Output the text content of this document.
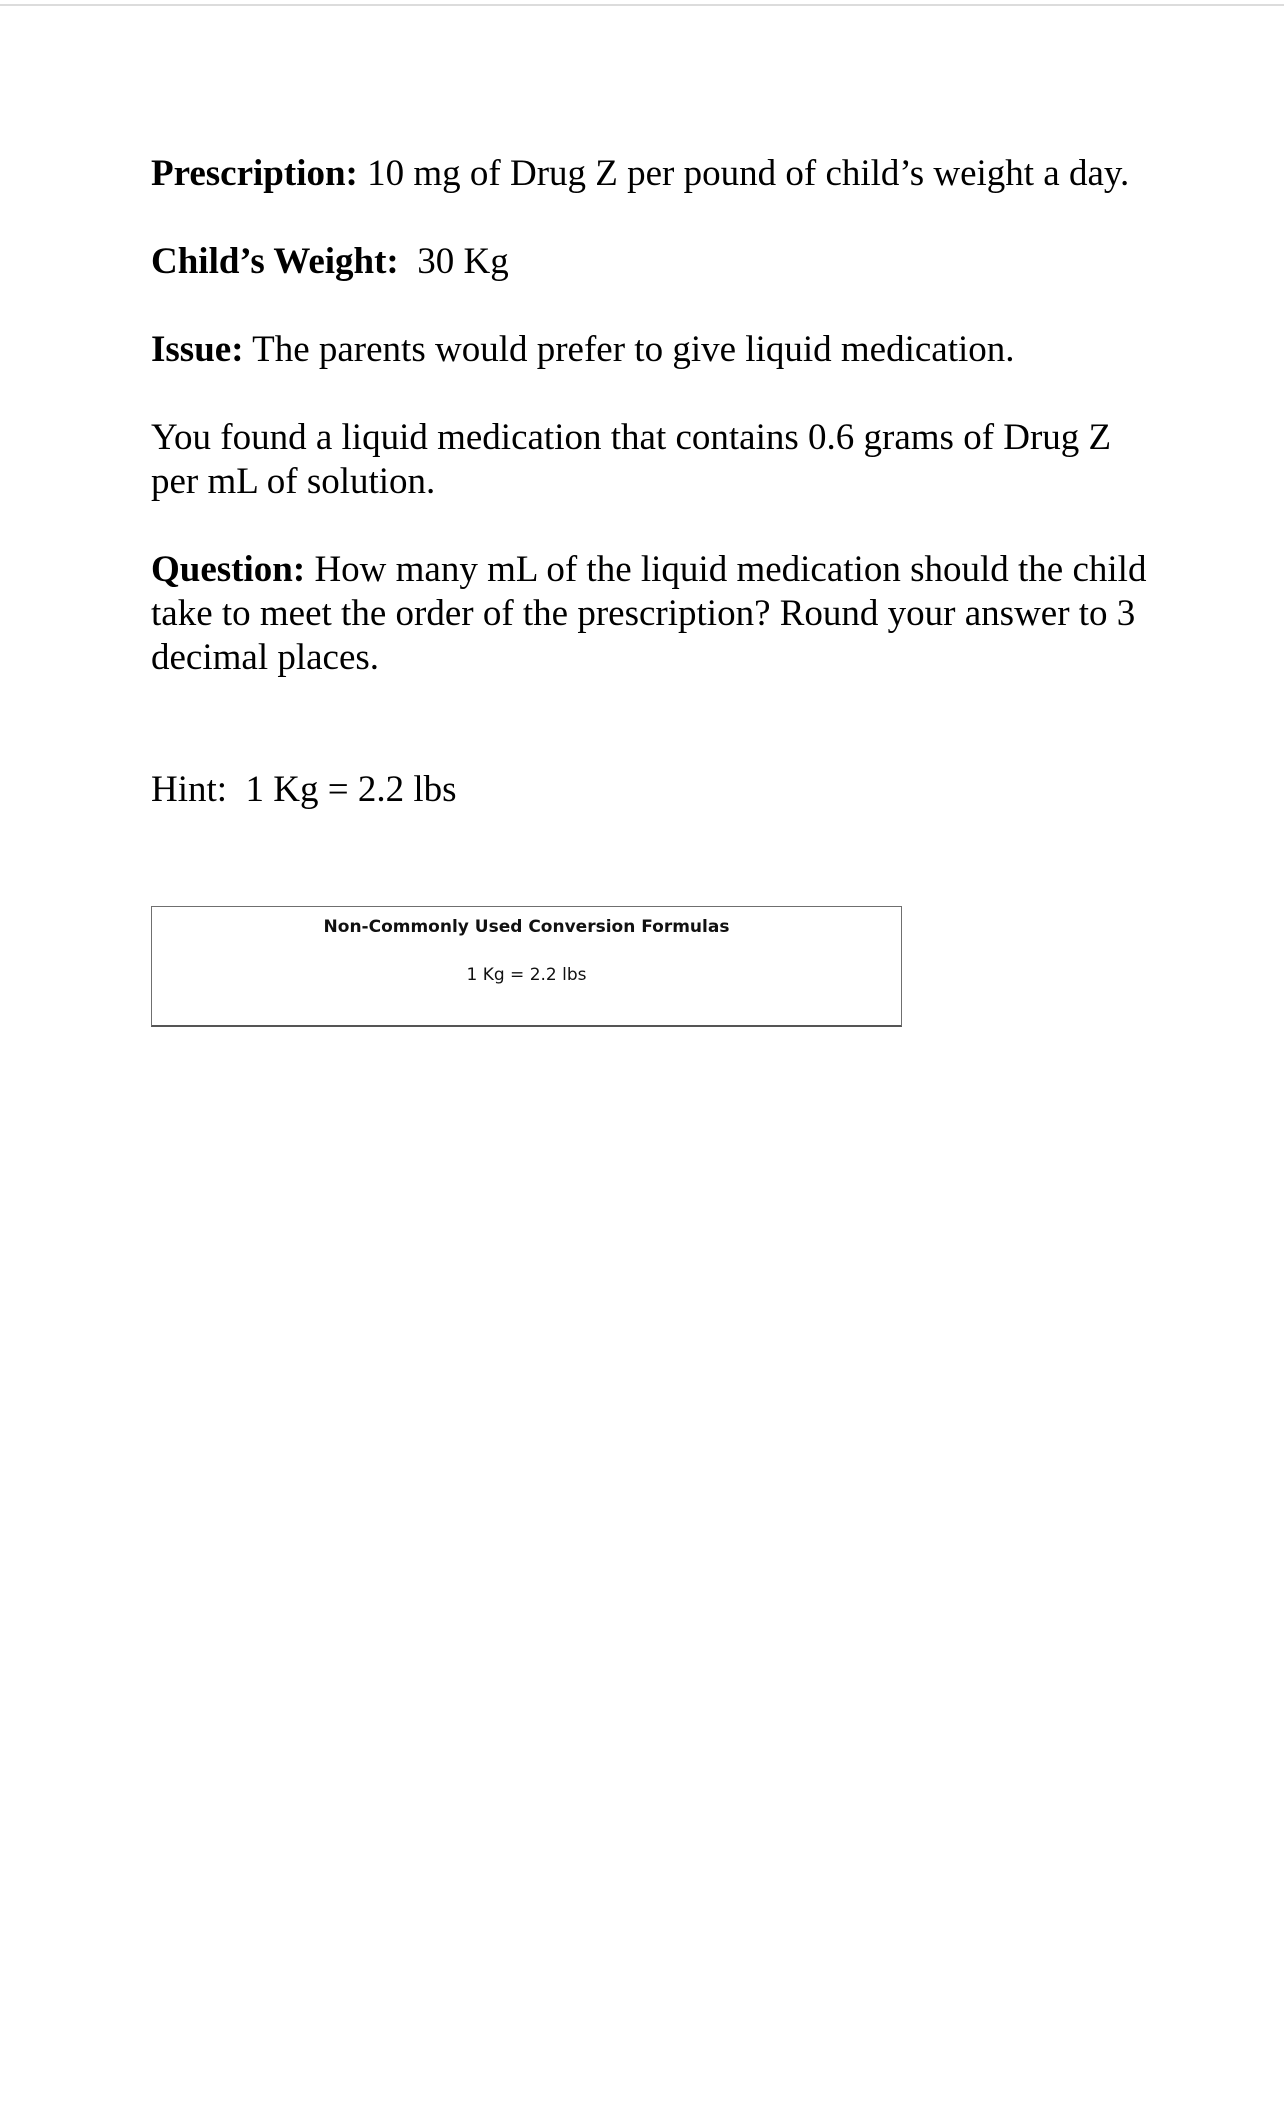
Prescription: 10 mg of Drug Z per pound of child’s weight a day.

Child’s Weight:  30 Kg

Issue: The parents would prefer to give liquid medication.

You found a liquid medication that contains 0.6 grams of Drug Z per mL of solution.

Question: How many mL of the liquid medication should the child take to meet the order of the prescription? Round your answer to 3 decimal places.

Hint:  1 Kg = 2.2 lbs

Non-Commonly Used Conversion Formulas
1 Kg = 2.2 lbs
